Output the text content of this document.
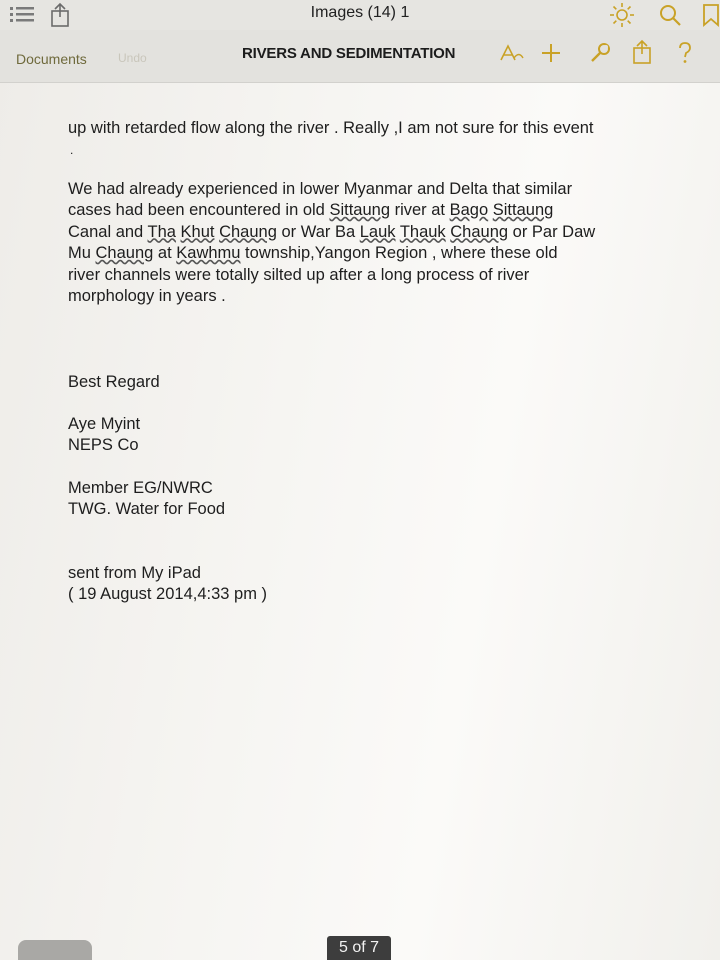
Images (14) 1
Documents	Undo	RIVERS AND SEDIMENTATION

up with retarded flow along the river . Really ,I am not sure for this event

.

We had already experienced in lower Myanmar and Delta that similar
cases had been encountered in old Sittaung river at Bago Sittaung
Canal and Tha Khut Chaung or War Ba Lauk Thauk Chaung or Par Daw
Mu Chaung at Kawhmu township,Yangon Region , where these old
river channels were totally silted up after a long process of river
morphology in years .

Best Regard

Aye Myint

NEPS Co

Member EG/NWRC

TWG. Water for Food

sent from My iPad

( 19 August 2014,4:33 pm )

5 of 7
